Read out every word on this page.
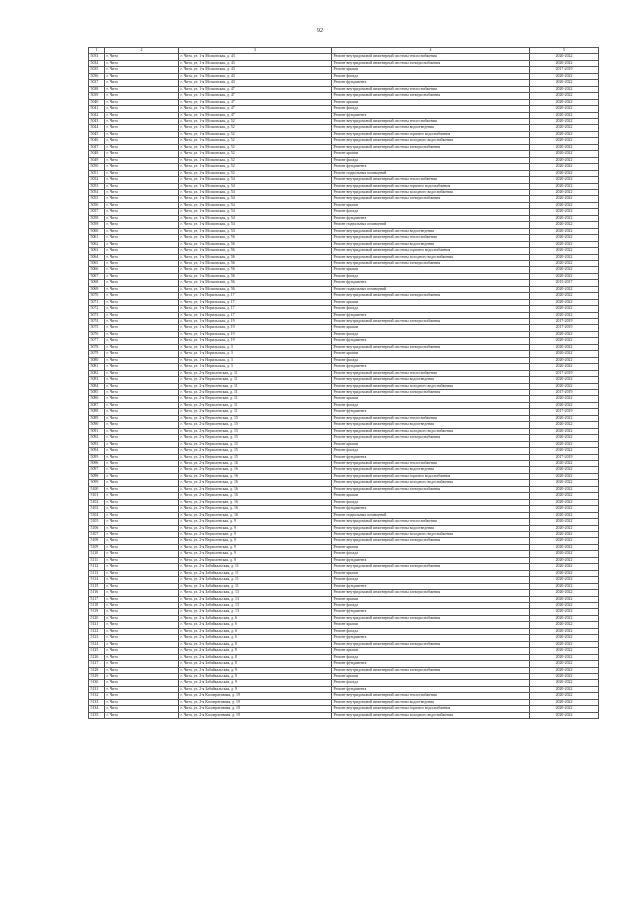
92
1	2	3	4	5
5033	г. Чита	г. Чита, ул. 1-я Московская, д. 43	Ремонт внутридомовой инженерной системы теплоснабжения	2020-2022
5034	г. Чита	г. Чита, ул. 1-я Московская, д. 43	Ремонт внутридомовой инженерной системы электроснабжения	2020-2022
5035	г. Чита	г. Чита, ул. 1-я Московская, д. 43	Ремонт крыши	2017-2019
5036	г. Чита	г. Чита, ул. 1-я Московская, д. 43	Ремонт фасада	2020-2022
5037	г. Чита	г. Чита, ул. 1-я Московская, д. 43	Ремонт фундамента	2020-2022
5038	г. Чита	г. Чита, ул. 1-я Московская, д. 47	Ремонт внутридомовой инженерной системы теплоснабжения	2020-2022
5039	г. Чита	г. Чита, ул. 1-я Московская, д. 47	Ремонт внутридомовой инженерной системы электроснабжения	2020-2022
5040	г. Чита	г. Чита, ул. 1-я Московская, д. 47	Ремонт крыши	2020-2022
5041	г. Чита	г. Чита, ул. 1-я Московская, д. 47	Ремонт фасада	2020-2022
5042	г. Чита	г. Чита, ул. 1-я Московская, д. 47	Ремонт фундамента	2020-2022
5043	г. Чита	г. Чита, ул. 1-я Московская, д. 52	Ремонт внутридомовой инженерной системы теплоснабжения	2020-2022
5044	г. Чита	г. Чита, ул. 1-я Московская, д. 52	Ремонт внутридомовой инженерной системы водоотведения	2020-2022
5045	г. Чита	г. Чита, ул. 1-я Московская, д. 52	Ремонт внутридомовой инженерной системы горячего водоснабжения	2020-2022
5046	г. Чита	г. Чита, ул. 1-я Московская, д. 52	Ремонт внутридомовой инженерной системы холодного водоснабжения	2020-2022
5047	г. Чита	г. Чита, ул. 1-я Московская, д. 52	Ремонт внутридомовой инженерной системы электроснабжения	2020-2022
5048	г. Чита	г. Чита, ул. 1-я Московская, д. 52	Ремонт крыши	2020-2022
5049	г. Чита	г. Чита, ул. 1-я Московская, д. 52	Ремонт фасада	2020-2022
5050	г. Чита	г. Чита, ул. 1-я Московская, д. 52	Ремонт фундамента	2020-2022
5051	г. Чита	г. Чита, ул. 1-я Московская, д. 52	Ремонт подвальных помещений	2020-2022
5052	г. Чита	г. Чита, ул. 1-я Московская, д. 54	Ремонт внутридомовой инженерной системы теплоснабжения	2020-2022
5053	г. Чита	г. Чита, ул. 1-я Московская, д. 54	Ремонт внутридомовой инженерной системы горячего водоснабжения	2020-2022
5054	г. Чита	г. Чита, ул. 1-я Московская, д. 54	Ремонт внутридомовой инженерной системы холодного водоснабжения	2020-2022
5055	г. Чита	г. Чита, ул. 1-я Московская, д. 54	Ремонт внутридомовой инженерной системы электроснабжения	2020-2022
5056	г. Чита	г. Чита, ул. 1-я Московская, д. 54	Ремонт крыши	2020-2022
5057	г. Чита	г. Чита, ул. 1-я Московская, д. 54	Ремонт фасада	2020-2022
5058	г. Чита	г. Чита, ул. 1-я Московская, д. 54	Ремонт фундамента	2020-2022
5059	г. Чита	г. Чита, ул. 1-я Московская, д. 54	Ремонт подвальных помещений	2020-2022
5060	г. Чита	г. Чита, ул. 1-я Московская, д. 54	Ремонт внутридомовой инженерной системы водоотведения	2020-2022
5061	г. Чита	г. Чита, ул. 1-я Московская, д. 56	Ремонт внутридомовой инженерной системы теплоснабжения	2020-2022
5062	г. Чита	г. Чита, ул. 1-я Московская, д. 56	Ремонт внутридомовой инженерной системы водоотведения	2020-2022
5063	г. Чита	г. Чита, ул. 1-я Московская, д. 56	Ремонт внутридомовой инженерной системы горячего водоснабжения	2020-2022
5064	г. Чита	г. Чита, ул. 1-я Московская, д. 56	Ремонт внутридомовой инженерной системы холодного водоснабжения	2020-2022
5065	г. Чита	г. Чита, ул. 1-я Московская, д. 56	Ремонт внутридомовой инженерной системы электроснабжения	2020-2022
5066	г. Чита	г. Чита, ул. 1-я Московская, д. 56	Ремонт крыши	2020-2022
5067	г. Чита	г. Чита, ул. 1-я Московская, д. 56	Ремонт фасада	2020-2022
5068	г. Чита	г. Чита, ул. 1-я Московская, д. 56	Ремонт фундамента	2015-2017
5069	г. Чита	г. Чита, ул. 1-я Московская, д. 56	Ремонт подвальных помещений	2020-2022
5070	г. Чита	г. Чита, ул. 1-я Норильская, д. 17	Ремонт внутридомовой инженерной системы электроснабжения	2020-2022
5071	г. Чита	г. Чита, ул. 1-я Норильская, д. 17	Ремонт крыши	2020-2022
5072	г. Чита	г. Чита, ул. 1-я Норильская, д. 17	Ремонт фасада	2020-2022
5073	г. Чита	г. Чита, ул. 1-я Норильская, д. 17	Ремонт фундамента	2020-2022
5074	г. Чита	г. Чита, ул. 1-я Норильская, д. 19	Ремонт внутридомовой инженерной системы электроснабжения	2017-2019
5075	г. Чита	г. Чита, ул. 1-я Норильская, д. 19	Ремонт крыши	2017-2019
5076	г. Чита	г. Чита, ул. 1-я Норильская, д. 19	Ремонт фасада	2020-2022
5077	г. Чита	г. Чита, ул. 1-я Норильская, д. 19	Ремонт фундамента	2020-2022
5078	г. Чита	г. Чита, ул. 1-я Норильская, д. 3	Ремонт внутридомовой инженерной системы электроснабжения	2020-2022
5079	г. Чита	г. Чита, ул. 1-я Норильская, д. 3	Ремонт крыши	2020-2022
5080	г. Чита	г. Чита, ул. 1-я Норильская, д. 3	Ремонт фасада	2020-2022
5081	г. Чита	г. Чита, ул. 1-я Норильская, д. 3	Ремонт фундамента	2020-2022
5082	г. Чита	г. Чита, ул. 2-я Верхоленская, д. 11	Ремонт внутридомовой инженерной системы теплоснабжения	2017-2019
5083	г. Чита	г. Чита, ул. 2-я Верхоленская, д. 11	Ремонт внутридомовой инженерной системы водоотведения	2020-2022
5084	г. Чита	г. Чита, ул. 2-я Верхоленская, д. 11	Ремонт внутридомовой инженерной системы холодного водоснабжения	2020-2022
5085	г. Чита	г. Чита, ул. 2-я Верхоленская, д. 11	Ремонт внутридомовой инженерной системы электроснабжения	2017-2019
5086	г. Чита	г. Чита, ул. 2-я Верхоленская, д. 11	Ремонт крыши	2020-2022
5087	г. Чита	г. Чита, ул. 2-я Верхоленская, д. 11	Ремонт фасада	2020-2022
5088	г. Чита	г. Чита, ул. 2-я Верхоленская, д. 11	Ремонт фундамента	2017-2019
5089	г. Чита	г. Чита, ул. 2-я Верхоленская, д. 15	Ремонт внутридомовой инженерной системы теплоснабжения	2020-2022
5090	г. Чита	г. Чита, ул. 2-я Верхоленская, д. 15	Ремонт внутридомовой инженерной системы водоотведения	2020-2022
5091	г. Чита	г. Чита, ул. 2-я Верхоленская, д. 15	Ремонт внутридомовой инженерной системы холодного водоснабжения	2020-2022
5092	г. Чита	г. Чита, ул. 2-я Верхоленская, д. 15	Ремонт внутридомовой инженерной системы электроснабжения	2020-2022
5093	г. Чита	г. Чита, ул. 2-я Верхоленская, д. 15	Ремонт крыши	2020-2022
5094	г. Чита	г. Чита, ул. 2-я Верхоленская, д. 15	Ремонт фасада	2020-2022
5095	г. Чита	г. Чита, ул. 2-я Верхоленская, д. 15	Ремонт фундамента	2017-2019
5096	г. Чита	г. Чита, ул. 2-я Верхоленская, д. 16	Ремонт внутридомовой инженерной системы теплоснабжения	2020-2022
5097	г. Чита	г. Чита, ул. 2-я Верхоленская, д. 16	Ремонт внутридомовой инженерной системы водоотведения	2020-2022
5098	г. Чита	г. Чита, ул. 2-я Верхоленская, д. 16	Ремонт внутридомовой инженерной системы горячего водоснабжения	2020-2022
5099	г. Чита	г. Чита, ул. 2-я Верхоленская, д. 16	Ремонт внутридомовой инженерной системы холодного водоснабжения	2020-2022
5100	г. Чита	г. Чита, ул. 2-я Верхоленская, д. 16	Ремонт внутридомовой инженерной системы электроснабжения	2020-2022
5101	г. Чита	г. Чита, ул. 2-я Верхоленская, д. 16	Ремонт крыши	2020-2022
5102	г. Чита	г. Чита, ул. 2-я Верхоленская, д. 16	Ремонт фасада	2020-2022
5103	г. Чита	г. Чита, ул. 2-я Верхоленская, д. 16	Ремонт фундамента	2020-2022
5104	г. Чита	г. Чита, ул. 2-я Верхоленская, д. 16	Ремонт подвальных помещений	2020-2022
5105	г. Чита	г. Чита, ул. 2-я Верхоленская, д. 9	Ремонт внутридомовой инженерной системы теплоснабжения	2020-2022
5106	г. Чита	г. Чита, ул. 2-я Верхоленская, д. 9	Ремонт внутридомовой инженерной системы водоотведения	2020-2022
5107	г. Чита	г. Чита, ул. 2-я Верхоленская, д. 9	Ремонт внутридомовой инженерной системы холодного водоснабжения	2020-2022
5108	г. Чита	г. Чита, ул. 2-я Верхоленская, д. 9	Ремонт внутридомовой инженерной системы электроснабжения	2020-2022
5109	г. Чита	г. Чита, ул. 2-я Верхоленская, д. 9	Ремонт крыши	2020-2022
5110	г. Чита	г. Чита, ул. 2-я Верхоленская, д. 9	Ремонт фасада	2020-2022
5111	г. Чита	г. Чита, ул. 2-я Верхоленская, д. 9	Ремонт фундамента	2020-2022
5112	г. Чита	г. Чита, ул. 2-я Забайкальская, д. 11	Ремонт внутридомовой инженерной системы электроснабжения	2020-2022
5113	г. Чита	г. Чита, ул. 2-я Забайкальская, д. 11	Ремонт крыши	2020-2022
5114	г. Чита	г. Чита, ул. 2-я Забайкальская, д. 11	Ремонт фасада	2020-2022
5115	г. Чита	г. Чита, ул. 2-я Забайкальская, д. 11	Ремонт фундамента	2020-2022
5116	г. Чита	г. Чита, ул. 2-я Забайкальская, д. 13	Ремонт внутридомовой инженерной системы электроснабжения	2020-2022
5117	г. Чита	г. Чита, ул. 2-я Забайкальская, д. 13	Ремонт крыши	2020-2022
5118	г. Чита	г. Чита, ул. 2-я Забайкальская, д. 13	Ремонт фасада	2020-2022
5119	г. Чита	г. Чита, ул. 2-я Забайкальская, д. 13	Ремонт фундамента	2020-2022
5120	г. Чита	г. Чита, ул. 2-я Забайкальская, д. 6	Ремонт внутридомовой инженерной системы электроснабжения	2020-2022
5121	г. Чита	г. Чита, ул. 2-я Забайкальская, д. 6	Ремонт крыши	2020-2022
5122	г. Чита	г. Чита, ул. 2-я Забайкальская, д. 6	Ремонт фасада	2020-2022
5123	г. Чита	г. Чита, ул. 2-я Забайкальская, д. 6	Ремонт фундамента	2020-2022
5124	г. Чита	г. Чита, ул. 2-я Забайкальская, д. 8	Ремонт внутридомовой инженерной системы электроснабжения	2020-2022
5125	г. Чита	г. Чита, ул. 2-я Забайкальская, д. 8	Ремонт крыши	2020-2022
5126	г. Чита	г. Чита, ул. 2-я Забайкальская, д. 8	Ремонт фасада	2020-2022
5127	г. Чита	г. Чита, ул. 2-я Забайкальская, д. 8	Ремонт фундамента	2020-2022
5128	г. Чита	г. Чита, ул. 2-я Забайкальская, д. 9	Ремонт внутридомовой инженерной системы электроснабжения	2020-2022
5129	г. Чита	г. Чита, ул. 2-я Забайкальская, д. 9	Ремонт крыши	2020-2022
5130	г. Чита	г. Чита, ул. 2-я Забайкальская, д. 9	Ремонт фасада	2020-2022
5131	г. Чита	г. Чита, ул. 2-я Забайкальская, д. 9	Ремонт фундамента	2020-2022
5132	г. Чита	г. Чита, ул. 2-я Кооперативная, д. 19	Ремонт внутридомовой инженерной системы теплоснабжения	2020-2022
5133	г. Чита	г. Чита, ул. 2-я Кооперативная, д. 19	Ремонт внутридомовой инженерной системы водоотведения	2020-2022
5134	г. Чита	г. Чита, ул. 2-я Кооперативная, д. 19	Ремонт внутридомовой инженерной системы горячего водоснабжения	2020-2022
5135	г. Чита	г. Чита, ул. 2-я Кооперативная, д. 19	Ремонт внутридомовой инженерной системы холодного водоснабжения	2020-2022
